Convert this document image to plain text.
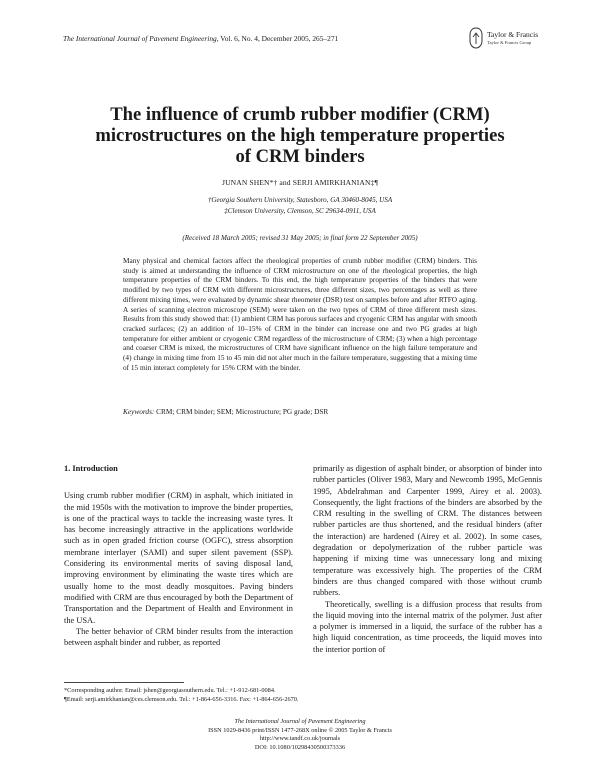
The International Journal of Pavement Engineering, Vol. 6, No. 4, December 2005, 265–271	Taylor & Francis
Taylor & Francis Group
The influence of crumb rubber modifier (CRM)
microstructures on the high temperature properties
of CRM binders
JUNAN SHEN*† and SERJI AMIRKHANIAN‡¶
†Georgia Southern University, Statesboro, GA 30460-8045, USA
‡Clemson University, Clemson, SC 29634-0911, USA
(Received 18 March 2005; revised 31 May 2005; in final form 22 September 2005)
Many physical and chemical factors affect the rheological properties of crumb rubber modifier (CRM) binders. This study is aimed at understanding the influence of CRM microstructure on one of the rheological properties, the high temperature properties of the CRM binders. To this end, the high temperature properties of the binders that were modified by two types of CRM with different microstructures, three different sizes, two percentages as well as three different mixing times, were evaluated by dynamic shear rheometer (DSR) test on samples before and after RTFO aging. A series of scanning electron microscope (SEM) were taken on the two types of CRM of three different mesh sizes. Results from this study showed that: (1) ambient CRM has porous surfaces and cryogenic CRM has angular with smooth cracked surfaces; (2) an addition of 10–15% of CRM in the binder can increase one and two PG grades at high temperature for either ambient or cryogenic CRM regardless of the microstructure of CRM; (3) when a high percentage and coarser CRM is mixed, the microstructures of CRM have significant influence on the high failure temperature and (4) change in mixing time from 15 to 45 min did not alter much in the failure temperature, suggesting that a mixing time of 15 min interact completely for 15% CRM with the binder.
Keywords: CRM; CRM binder; SEM; Microstructure; PG grade; DSR
1. Introduction

Using crumb rubber modifier (CRM) in asphalt, which initiated in the mid 1950s with the motivation to improve the binder properties, is one of the practical ways to tackle the increasing waste tyres. It has become increasingly attractive in the applications worldwide such as in open graded friction course (OGFC), stress absorption membrane interlayer (SAMI) and super silent pavement (SSP). Considering its environmental merits of saving disposal land, improving environment by eliminating the waste tires which are usually home to the most deadly mosquitoes. Paving binders modified with CRM are thus encouraged by both the Department of Transportation and the Department of Health and Environment in the USA.

The better behavior of CRM binder results from the interaction between asphalt binder and rubber, as reported

primarily as digestion of asphalt binder, or absorption of binder into rubber particles (Oliver 1983, Mary and Newcomb 1995, McGennis 1995, Abdelrahman and Carpenter 1999, Airey et al. 2003). Consequently, the light fractions of the binders are absorbed by the CRM resulting in the swelling of CRM. The distances between rubber particles are thus shortened, and the residual binders (after the interaction) are hardened (Airey et al. 2002). In some cases, degradation or depolymerization of the rubber particle was happening if mixing time was unnecessary long and mixing temperature was excessively high. The properties of the CRM binders are thus changed compared with those without crumb rubbers.

Theoretically, swelling is a diffusion process that results from the liquid moving into the internal matrix of the polymer. Just after a polymer is immersed in a liquid, the surface of the rubber has a high liquid concentration, as time proceeds, the liquid moves into the interior portion of

*Corresponding author. Email: jshen@georgiasouthern.edu. Tel.: +1-912-681-0084.
¶Email: serji.amirkhanian@ces.clemson.edu. Tel.: +1-864-656-3316. Fax: +1-864-656-2670.
The International Journal of Pavement Engineering
ISSN 1029-8436 print/ISSN 1477-268X online © 2005 Taylor & Francis
http://www.tandf.co.uk/journals
DOI: 10.1080/10298430500373336
